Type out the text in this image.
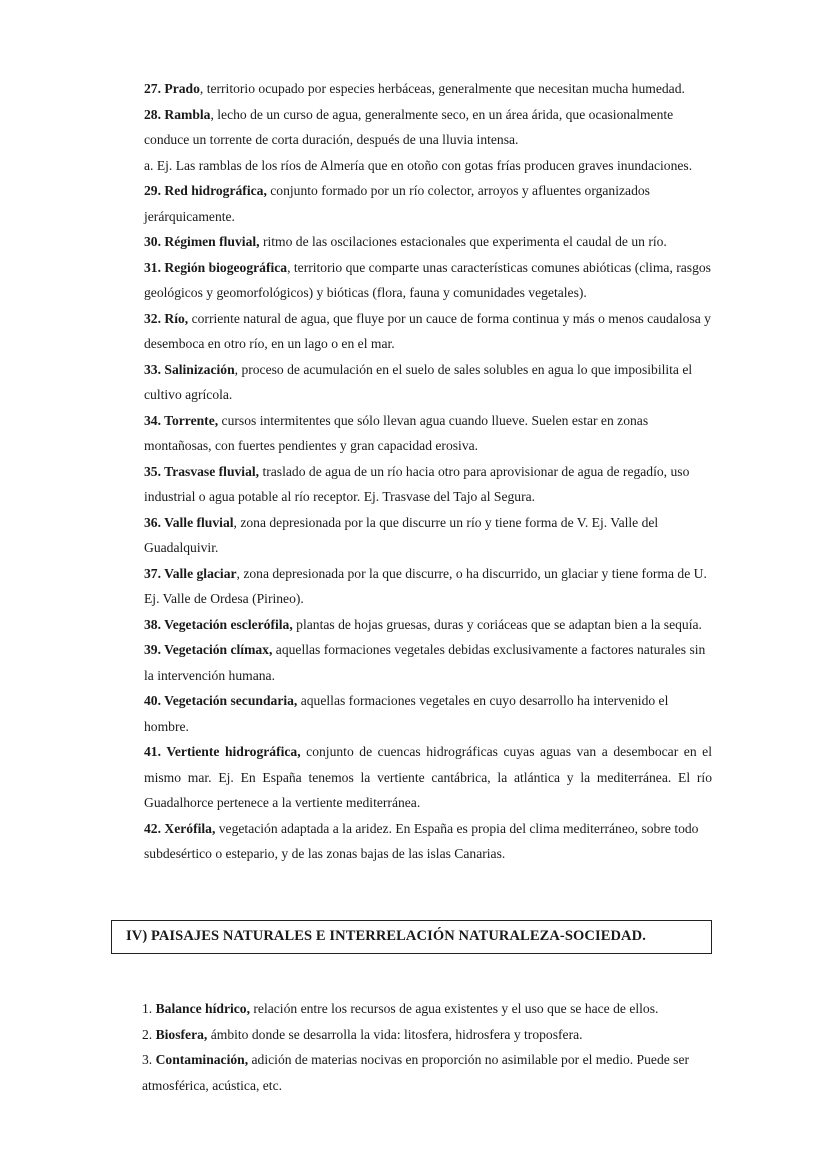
27. Prado, territorio ocupado por especies herbáceas, generalmente que necesitan mucha humedad.

28. Rambla, lecho de un curso de agua, generalmente seco, en un área árida, que ocasionalmente conduce un torrente de corta duración, después de una lluvia intensa.

a. Ej. Las ramblas de los ríos de Almería que en otoño con gotas frías producen graves inundaciones.

29. Red hidrográfica, conjunto formado por un río colector, arroyos y afluentes organizados jerárquicamente.

30. Régimen fluvial, ritmo de las oscilaciones estacionales que experimenta el caudal de un río.

31. Región biogeográfica, territorio que comparte unas características comunes abióticas (clima, rasgos geológicos y geomorfológicos) y bióticas (flora, fauna y comunidades vegetales).

32. Río, corriente natural de agua, que fluye por un cauce de forma continua y más o menos caudalosa y desemboca en otro río, en un lago o en el mar.

33. Salinización, proceso de acumulación en el suelo de sales solubles en agua lo que imposibilita el cultivo agrícola.

34. Torrente, cursos intermitentes que sólo llevan agua cuando llueve. Suelen estar en zonas montañosas, con fuertes pendientes y gran capacidad erosiva.

35. Trasvase fluvial, traslado de agua de un río hacia otro para aprovisionar de agua de regadío, uso industrial o agua potable al río receptor. Ej. Trasvase del Tajo al Segura.

36. Valle fluvial, zona depresionada por la que discurre un río y tiene forma de V. Ej. Valle del Guadalquivir.

37. Valle glaciar, zona depresionada por la que discurre, o ha discurrido, un glaciar y tiene forma de U. Ej. Valle de Ordesa (Pirineo).

38. Vegetación esclerófila, plantas de hojas gruesas, duras y coriáceas que se adaptan bien a la sequía.

39. Vegetación clímax, aquellas formaciones vegetales debidas exclusivamente a factores naturales sin la intervención humana.

40. Vegetación secundaria, aquellas formaciones vegetales en cuyo desarrollo ha intervenido el hombre.

41. Vertiente hidrográfica, conjunto de cuencas hidrográficas cuyas aguas van a desembocar en el mismo mar. Ej. En España tenemos la vertiente cantábrica, la atlántica y la mediterránea. El río Guadalhorce pertenece a la vertiente mediterránea.

42. Xerófila, vegetación adaptada a la aridez. En España es propia del clima mediterráneo, sobre todo subdesértico o estepario, y de las zonas bajas de las islas Canarias.

IV) PAISAJES NATURALES E INTERRELACIÓN NATURALEZA-SOCIEDAD.

1. Balance hídrico, relación entre los recursos de agua existentes y el uso que se hace de ellos.

2. Biosfera, ámbito donde se desarrolla la vida: litosfera, hidrosfera y troposfera.

3. Contaminación, adición de materias nocivas en proporción no asimilable por el medio. Puede ser atmosférica, acústica, etc.
